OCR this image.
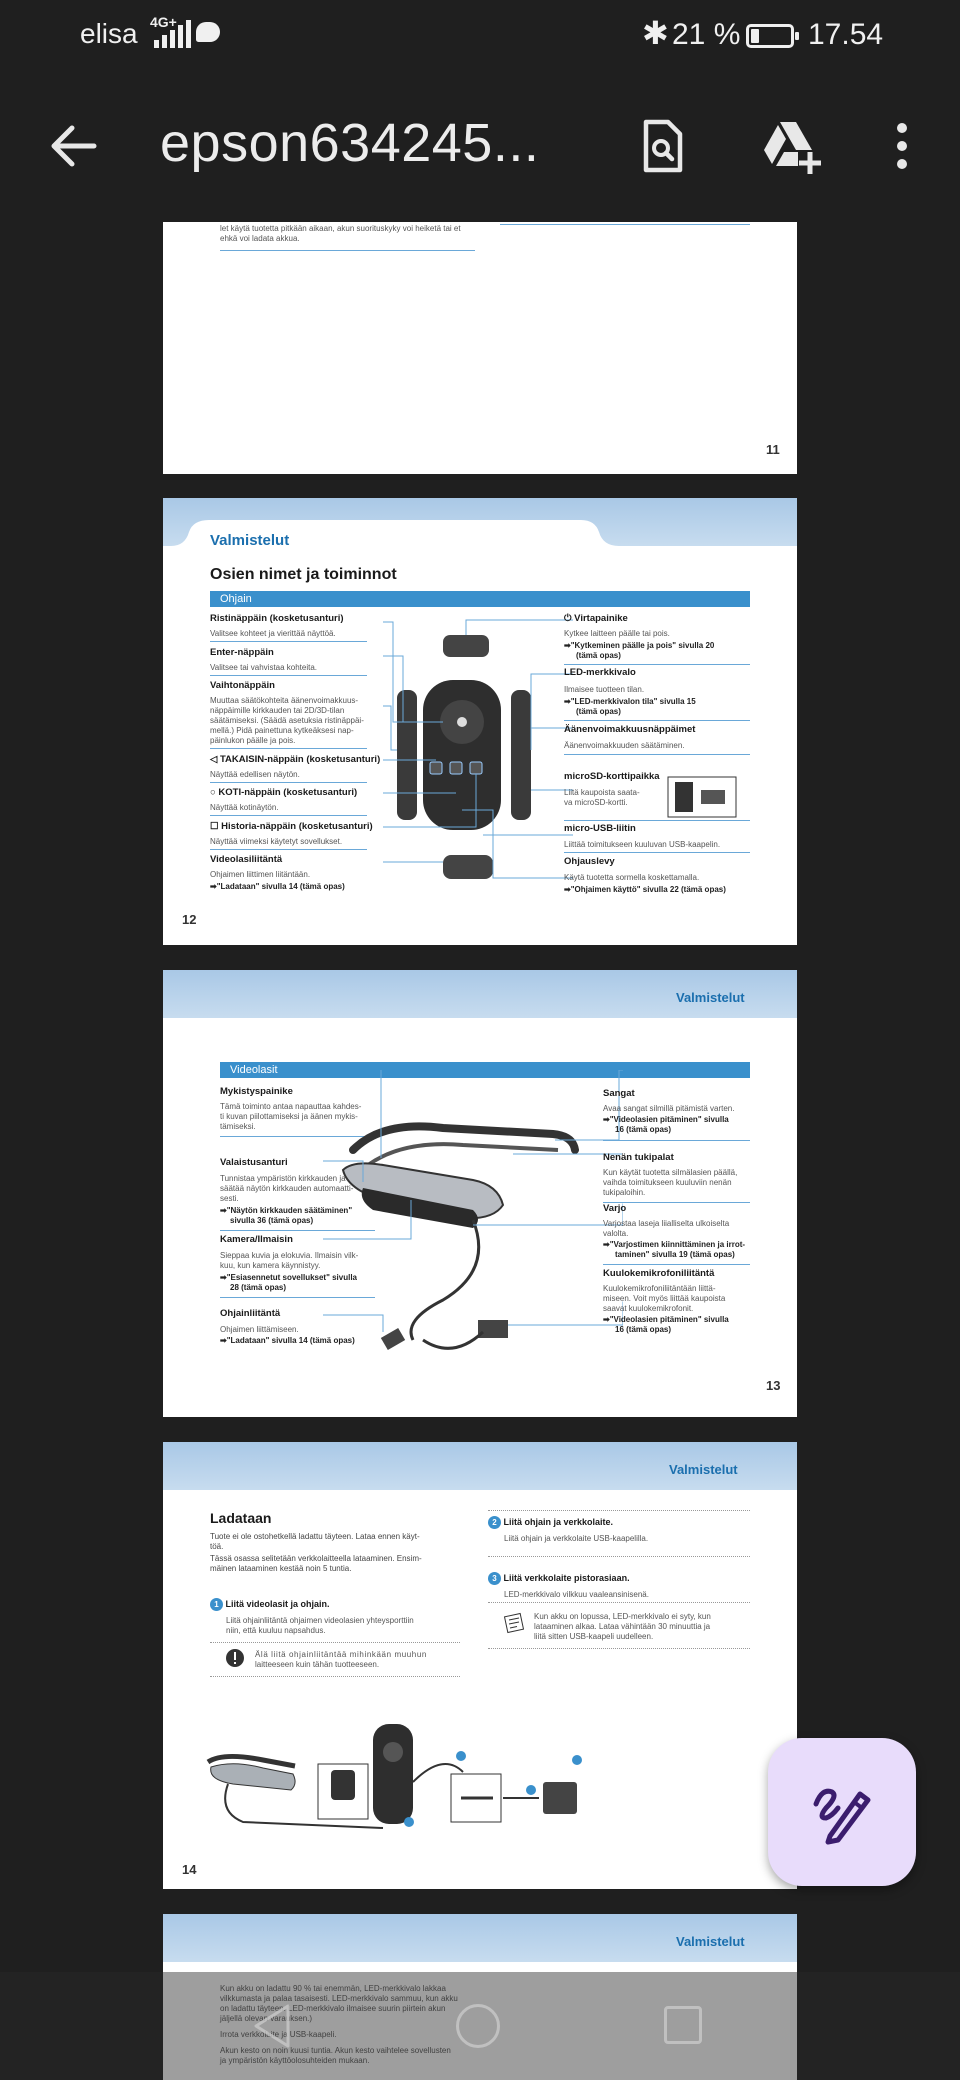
elisa 4G+	✱ 21 % 17.54
epson634245...
let käytä tuotetta pitkään aikaan, akun suorituskyky voi heiketä tai et
ehkä voi ladata akkua.
11
Valmistelut
Osien nimet ja toiminnot
Ohjain
Ristinäppäin (kosketusanturi)
Valitsee kohteet ja vierittää näyttöä.
Enter-näppäin
Valitsee tai vahvistaa kohteita.
Vaihtonäppäin
Muuttaa säätökohteita äänenvoimakkuus-
näppäimille kirkkauden tai 2D/3D-tilan
säätämiseksi. (Säädä asetuksia ristinäppäi-
mellä.) Pidä painettuna kytkeäksesi nap-
päinlukon päälle ja pois.
◁ TAKAISIN-näppäin (kosketusanturi)
Näyttää edellisen näytön.
○ KOTI-näppäin (kosketusanturi)
Näyttää kotinäytön.
☐ Historia-näppäin (kosketusanturi)
Näyttää viimeksi käytetyt sovellukset.
Videolasiliitäntä
Ohjaimen liittimen liitäntään.
➡"Ladataan" sivulla 14 (tämä opas)
⏻ Virtapainike
Kytkee laitteen päälle tai pois.
➡"Kytkeminen päälle ja pois" sivulla 20
(tämä opas)
LED-merkkivalo
Ilmaisee tuotteen tilan.
➡"LED-merkkivalon tila" sivulla 15
(tämä opas)
Äänenvoimakkuusnäppäimet
Äänenvoimakkuuden säätäminen.
microSD-korttipaikka
Liitä kaupoista saata-
va microSD-kortti.
micro-USB-liitin
Liittää toimitukseen kuuluvan USB-kaapelin.
Ohjauslevy
Käytä tuotetta sormella koskettamalla.
➡"Ohjaimen käyttö" sivulla 22 (tämä opas)
12
Valmistelut
Videolasit
Mykistyspainike
Tämä toiminto antaa napauttaa kahdes-
ti kuvan piilottamiseksi ja äänen mykis-
tämiseksi.
Valaistusanturi
Tunnistaa ympäristön kirkkauden ja
säätää näytön kirkkauden automaatti-
sesti.
➡"Näytön kirkkauden säätäminen"
sivulla 36 (tämä opas)
Kamera/Ilmaisin
Sieppaa kuvia ja elokuvia. Ilmaisin vilk-
kuu, kun kamera käynnistyy.
➡"Esiasennetut sovellukset" sivulla
28 (tämä opas)
Ohjainliitäntä
Ohjaimen liittämiseen.
➡"Ladataan" sivulla 14 (tämä opas)
Sangat
Avaa sangat silmillä pitämistä varten.
➡"Videolasien pitäminen" sivulla
16 (tämä opas)
Nenän tukipalat
Kun käytät tuotetta silmälasien päällä,
vaihda toimitukseen kuuluviin nenän
tukipaloihin.
Varjo
Varjostaa laseja liialliselta ulkoiselta
valolta.
➡"Varjostimen kiinnittäminen ja irrot-
taminen" sivulla 19 (tämä opas)
Kuulokemikrofoniliitäntä
Kuulokemikrofoniliitäntään liittä-
miseen. Voit myös liittää kaupoista
saavat kuulokemikrofonit.
➡"Videolasien pitäminen" sivulla
16 (tämä opas)
13
Valmistelut
Ladataan
Tuote ei ole ostohetkellä ladattu täyteen. Lataa ennen käyt-
töä.
Tässä osassa selitetään verkkolaitteella lataaminen. Ensim-
mäinen lataaminen kestää noin 5 tuntia.
1 Liitä videolasit ja ohjain.
Liitä ohjainliitäntä ohjaimen videolasien yhteysporttiin
niin, että kuuluu napsahdus.
Älä liitä ohjainliitäntää mihinkään muuhun
laitteeseen kuin tähän tuotteeseen.
2 Liitä ohjain ja verkkolaite.
Liitä ohjain ja verkkolaite USB-kaapelilla.
3 Liitä verkkolaite pistorasiaan.
LED-merkkivalo vilkkuu vaaleansinisenä.
Kun akku on lopussa, LED-merkkivalo ei syty, kun
lataaminen alkaa. Lataa vähintään 30 minuuttia ja
liitä sitten USB-kaapeli uudelleen.
14
Valmistelut
Kun akku on ladattu 90 % tai enemmän, LED-merkkivalo lakkaa
vilkkumasta ja palaa tasaisesti. LED-merkkivalo sammuu, kun akku
on ladattu täyteen. LED-merkkivalo ilmaisee suurin piirtein akun
jäljellä olevan varauksen.)
Irrota verkkolaite ja USB-kaapeli.
Akun kesto on noin kuusi tuntia. Akun kesto vaihtelee sovellusten
ja ympäristön käyttöolosuhteiden mukaan.
